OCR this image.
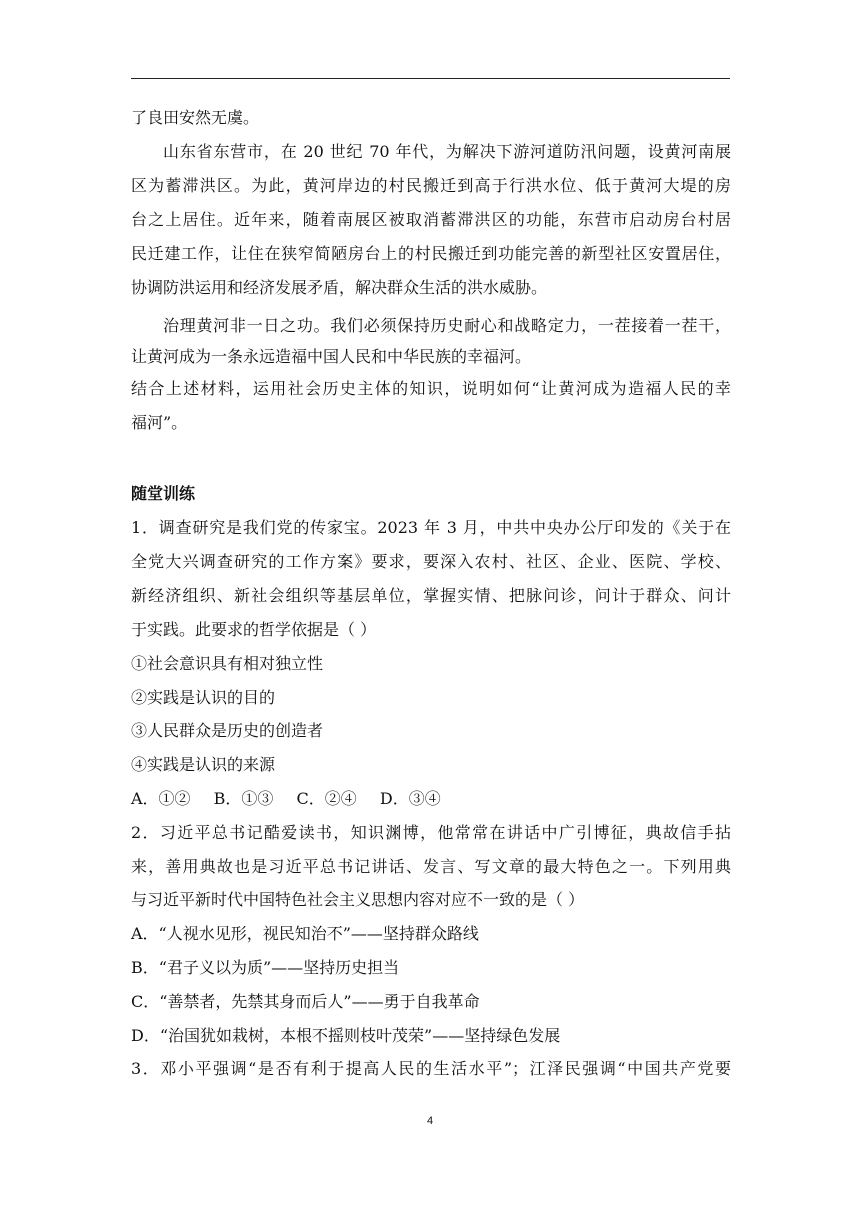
了良田安然无虞。
山东省东营市，在 20 世纪 70 年代，为解决下游河道防汛问题，设黄河南展
区为蓄滞洪区。为此，黄河岸边的村民搬迁到高于行洪水位、低于黄河大堤的房
台之上居住。近年来，随着南展区被取消蓄滞洪区的功能，东营市启动房台村居
民迁建工作，让住在狭窄简陋房台上的村民搬迁到功能完善的新型社区安置居住，
协调防洪运用和经济发展矛盾，解决群众生活的洪水威胁。
治理黄河非一日之功。我们必须保持历史耐心和战略定力，一茬接着一茬干，
让黄河成为一条永远造福中国人民和中华民族的幸福河。
结合上述材料，运用社会历史主体的知识，说明如何“让黄河成为造福人民的幸
福河”。
随堂训练
1．调查研究是我们党的传家宝。2023 年 3 月，中共中央办公厅印发的《关于在
全党大兴调查研究的工作方案》要求，要深入农村、社区、企业、医院、学校、
新经济组织、新社会组织等基层单位，掌握实情、把脉问诊，问计于群众、问计
于实践。此要求的哲学依据是（ ）
①社会意识具有相对独立性
②实践是认识的目的
③人民群众是历史的创造者
④实践是认识的来源
A．①② B．①③ C．②④ D．③④
2．习近平总书记酷爱读书，知识渊博，他常常在讲话中广引博征，典故信手拈
来，善用典故也是习近平总书记讲话、发言、写文章的最大特色之一。下列用典
与习近平新时代中国特色社会主义思想内容对应不一致的是（ ）
A．“人视水见形，视民知治不”——坚持群众路线
B．“君子义以为质”——坚持历史担当
C．“善禁者，先禁其身而后人”——勇于自我革命
D．“治国犹如栽树，本根不摇则枝叶茂荣”——坚持绿色发展
3．邓小平强调“是否有利于提高人民的生活水平”；江泽民强调“中国共产党要
4
